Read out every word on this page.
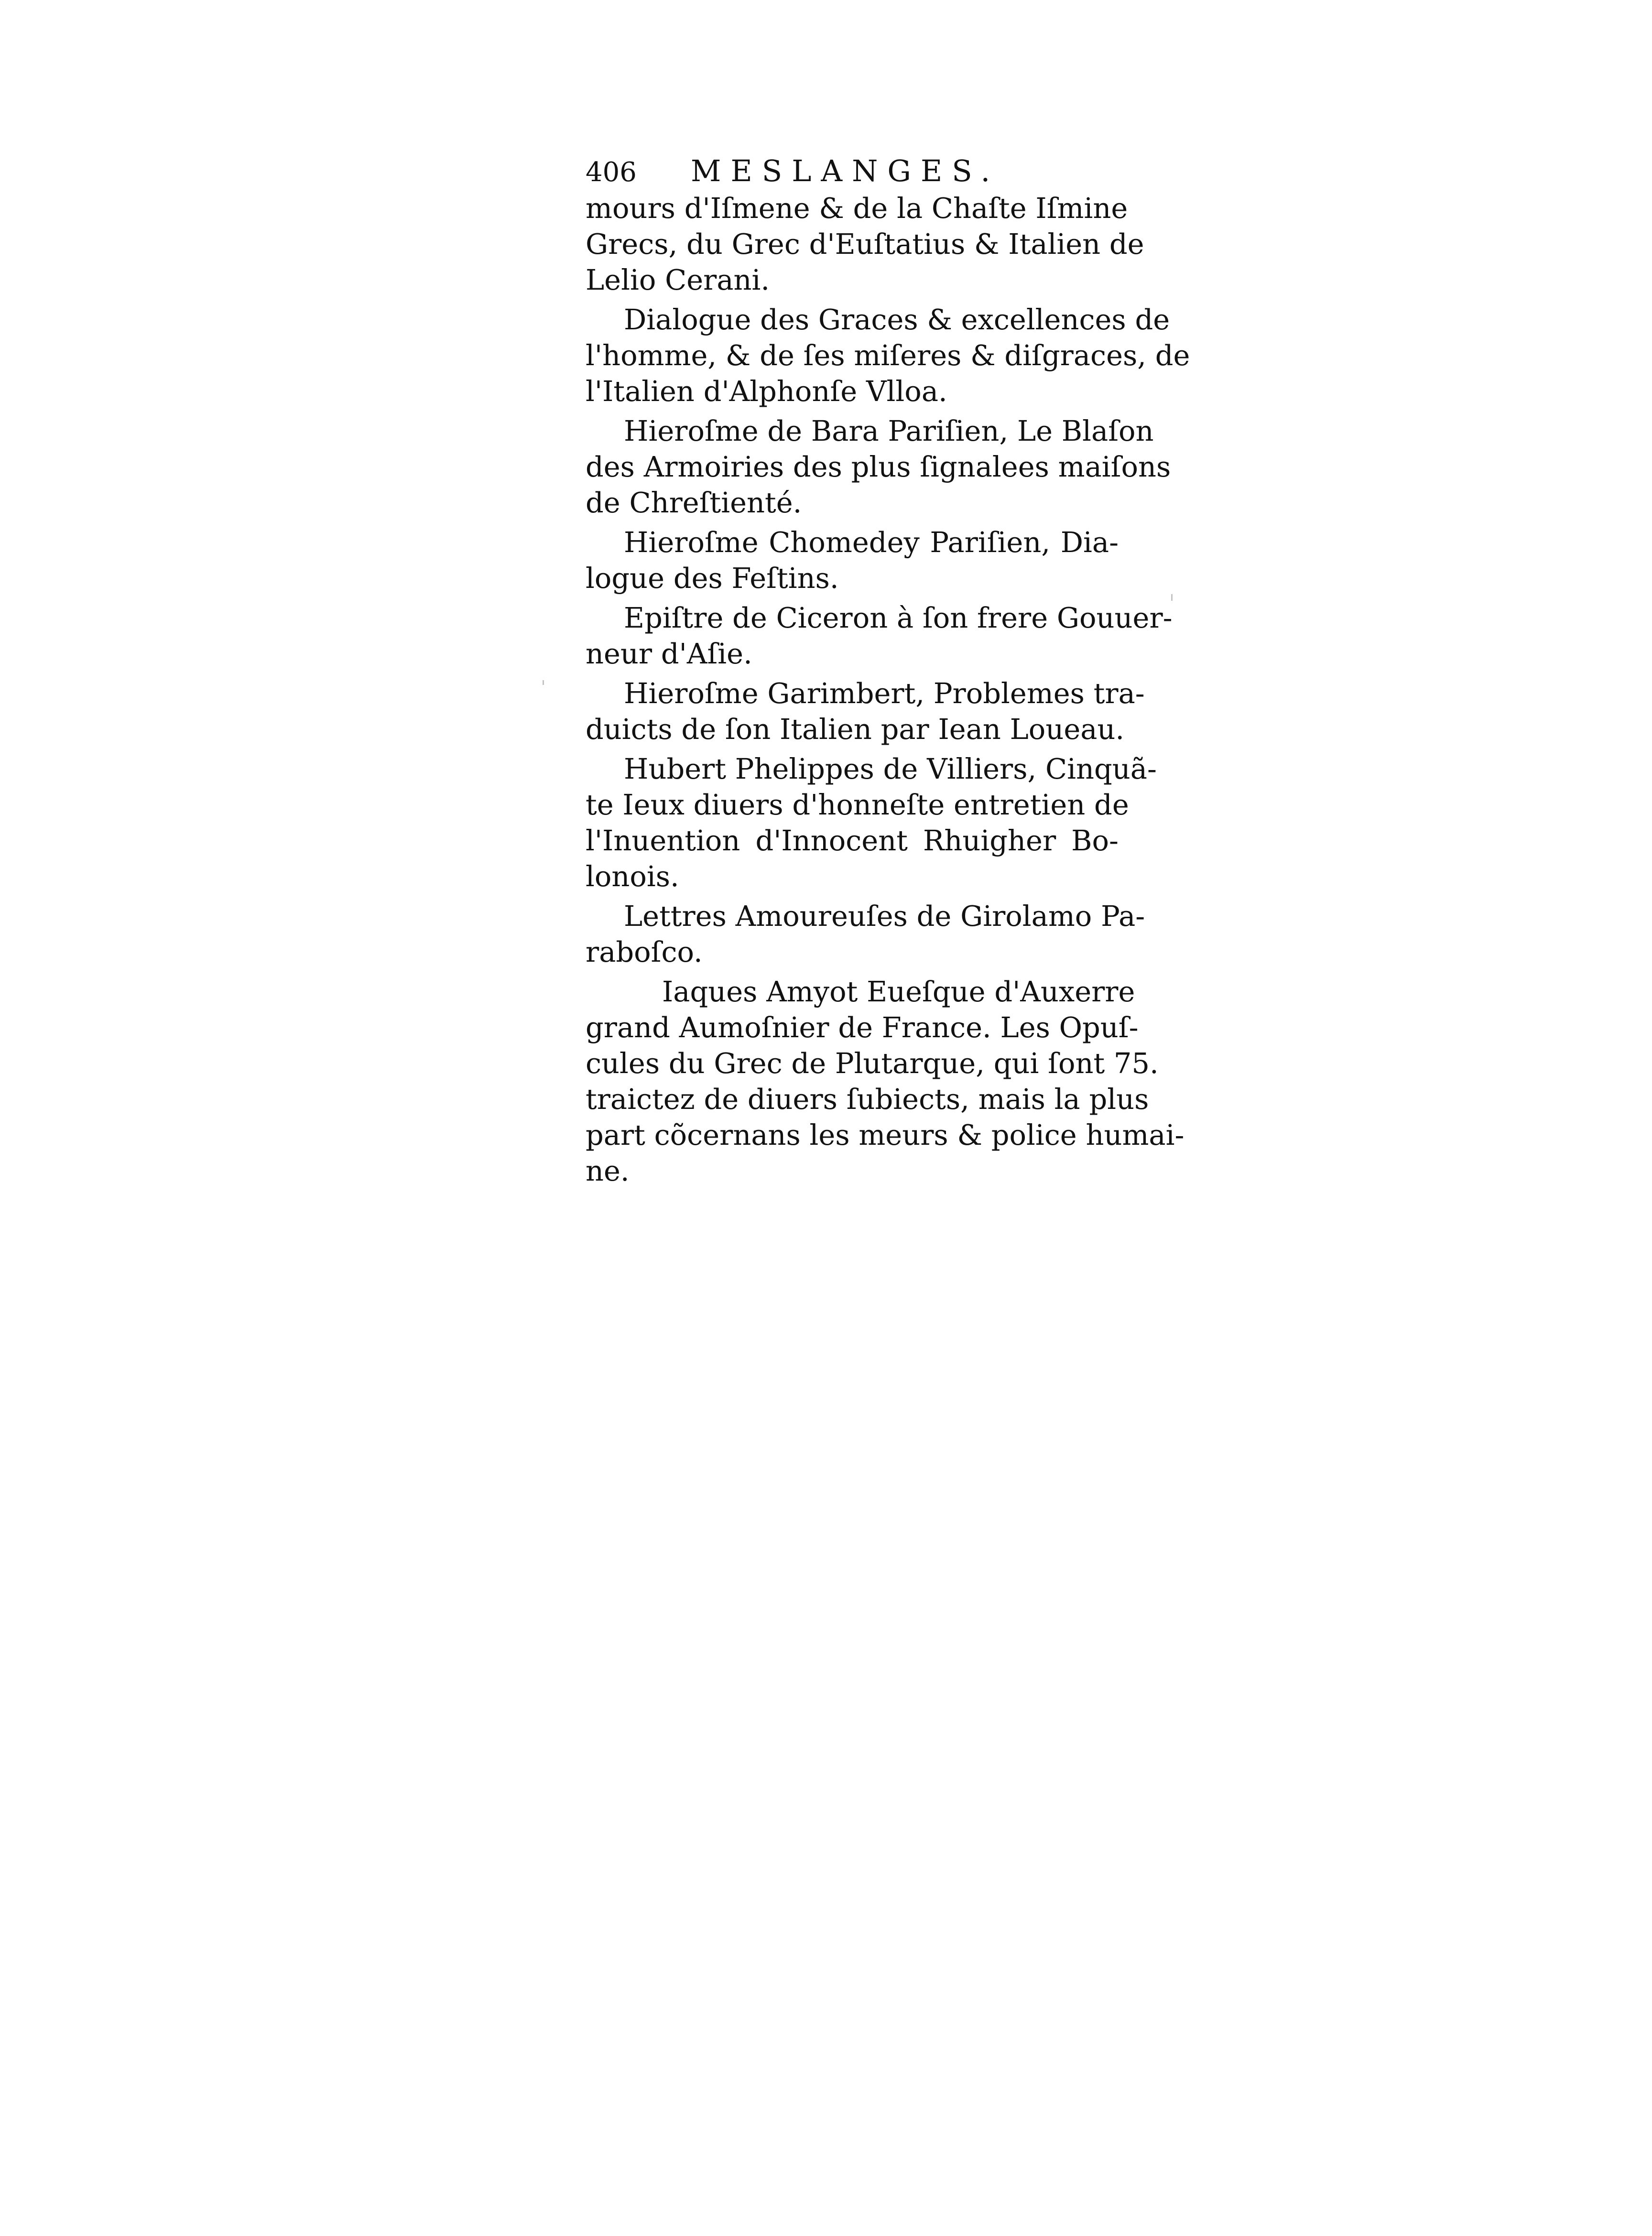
406	MESLANGES.
mours d'Iſmene & de la Chaſte Iſmine
Grecs, du Grec d'Euſtatius & Italien de
Lelio Cerani.
Dialogue des Graces & excellences de
l'homme, & de ſes miſeres & diſgraces, de
l'Italien d'Alphonſe Vlloa.
Hieroſme de Bara Pariſien, Le Blaſon
des Armoiries des plus ſignalees maiſons
de Chreſtienté.
Hieroſme Chomedey Pariſien, Dia-
logue des Feſtins.
Epiſtre de Ciceron à ſon frere Gouuer-
neur d'Aſie.
Hieroſme Garimbert, Problemes tra-
duicts de ſon Italien par Iean Loueau.
Hubert Phelippes de Villiers, Cinquã-
te Ieux diuers d'honneſte entretien de
l'Inuention d'Innocent Rhuigher Bo-
lonois.
Lettres Amoureuſes de Girolamo Pa-
raboſco.
Iaques Amyot Eueſque d'Auxerre
grand Aumoſnier de France. Les Opuſ-
cules du Grec de Plutarque, qui ſont 75.
traictez de diuers ſubiects, mais la plus
part cõcernans les meurs & police humai-
ne.
